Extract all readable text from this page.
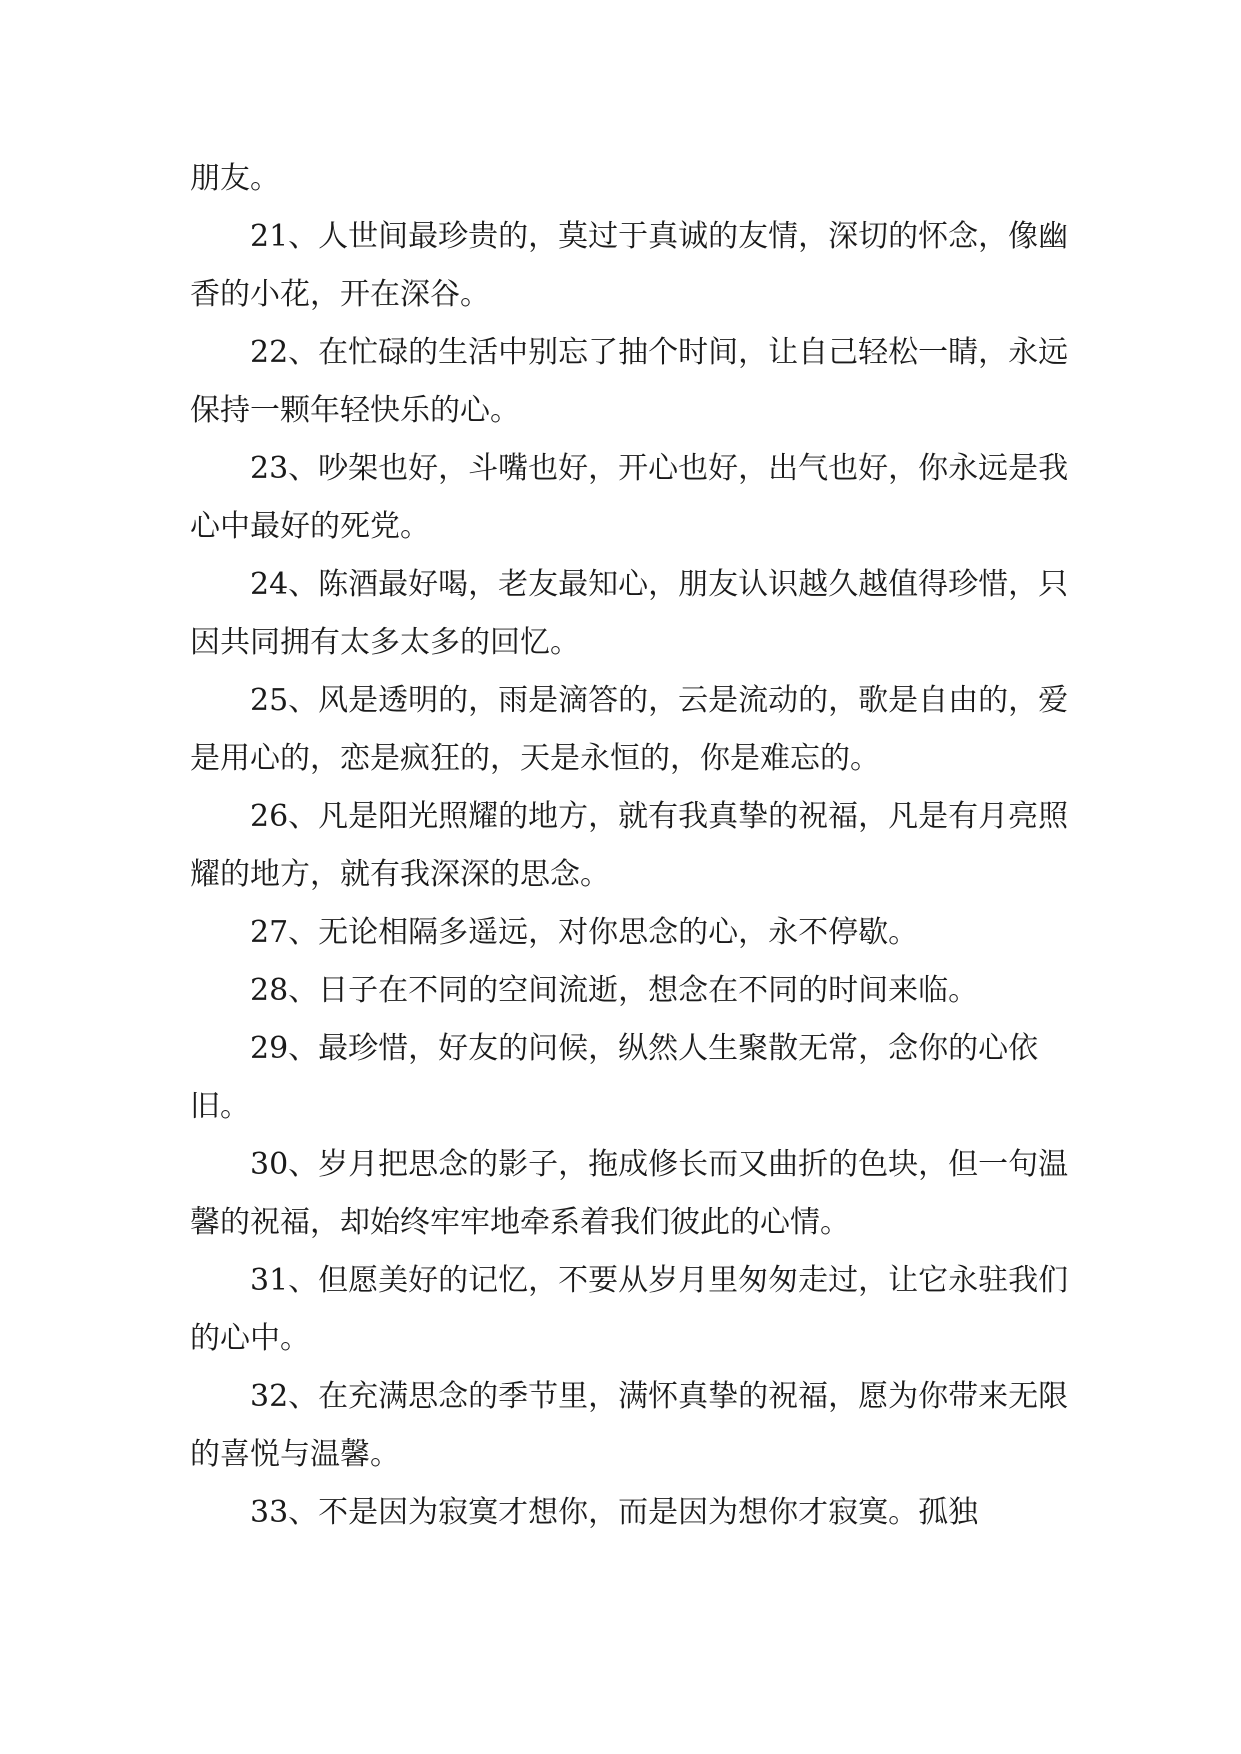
朋友。

21、人世间最珍贵的，莫过于真诚的友情，深切的怀念，像幽香的小花，开在深谷。

22、在忙碌的生活中别忘了抽个时间，让自己轻松一睛，永远保持一颗年轻快乐的心。

23、吵架也好，斗嘴也好，开心也好，出气也好，你永远是我心中最好的死党。

24、陈酒最好喝，老友最知心，朋友认识越久越值得珍惜，只因共同拥有太多太多的回忆。

25、风是透明的，雨是滴答的，云是流动的，歌是自由的，爱是用心的，恋是疯狂的，天是永恒的，你是难忘的。

26、凡是阳光照耀的地方，就有我真挚的祝福，凡是有月亮照耀的地方，就有我深深的思念。

27、无论相隔多遥远，对你思念的心，永不停歇。

28、日子在不同的空间流逝，想念在不同的时间来临。

29、最珍惜，好友的问候，纵然人生聚散无常，念你的心依旧。

30、岁月把思念的影子，拖成修长而又曲折的色块，但一句温馨的祝福，却始终牢牢地牵系着我们彼此的心情。

31、但愿美好的记忆，不要从岁月里匆匆走过，让它永驻我们的心中。

32、在充满思念的季节里，满怀真挚的祝福，愿为你带来无限的喜悦与温馨。

33、不是因为寂寞才想你，而是因为想你才寂寞。孤独
